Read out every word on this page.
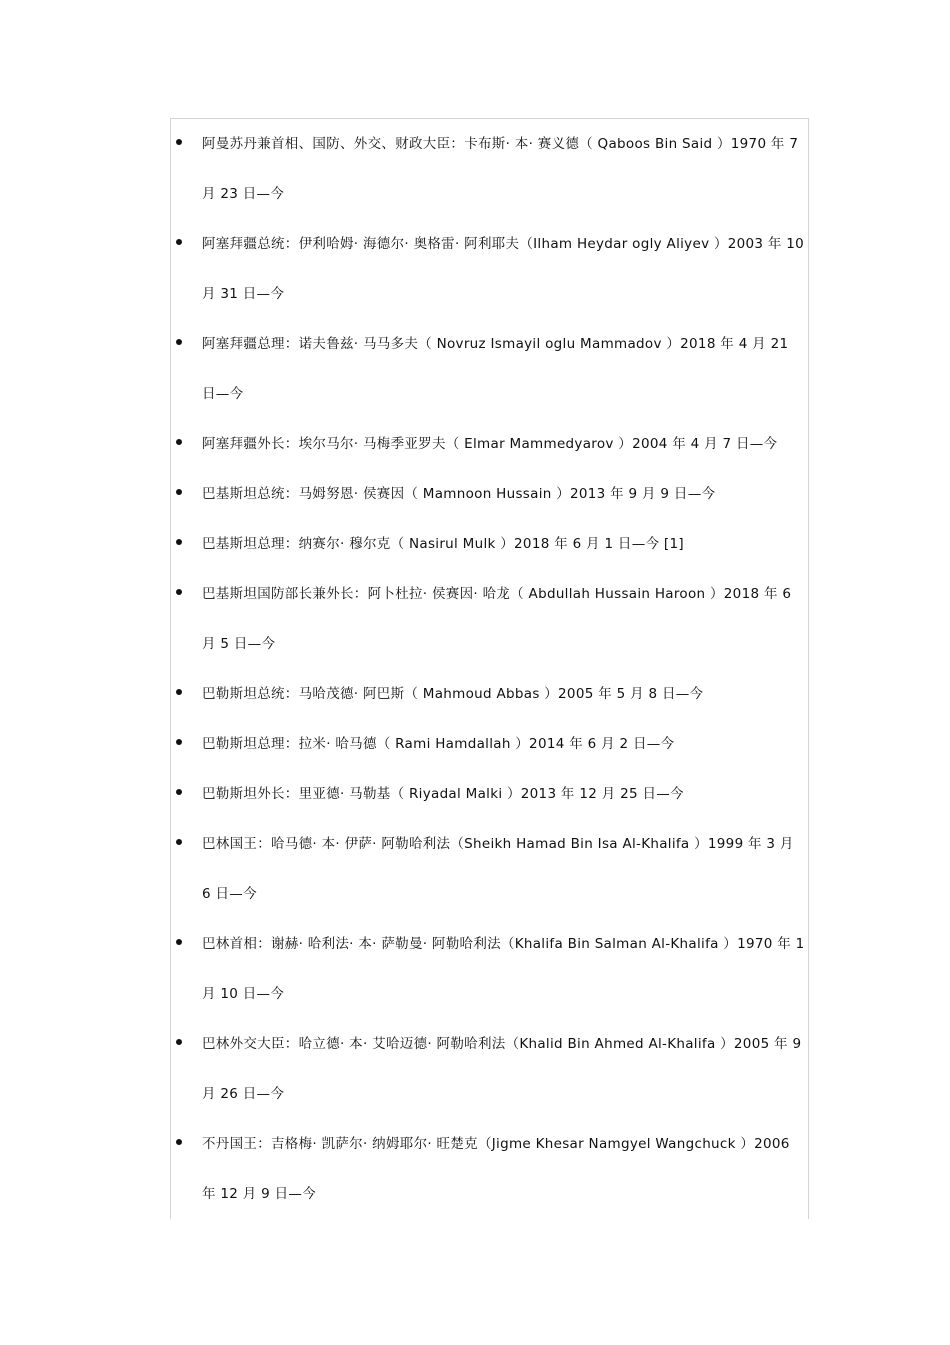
阿曼苏丹兼首相、国防、外交、财政大臣：卡布斯· 本· 赛义德（ Qaboos Bin Said ）1970 年 7 月 23 日—今
阿塞拜疆总统：伊利哈姆· 海德尔· 奥格雷· 阿利耶夫（Ilham Heydar ogly Aliyev ）2003 年 10 月 31 日—今
阿塞拜疆总理：诺夫鲁兹· 马马多夫（ Novruz Ismayil oglu Mammadov ）2018 年 4 月 21 日—今
阿塞拜疆外长：埃尔马尔· 马梅季亚罗夫（ Elmar Mammedyarov ）2004 年 4 月 7 日—今
巴基斯坦总统：马姆努恩· 侯赛因（ Mamnoon Hussain ）2013 年 9 月 9 日—今
巴基斯坦总理：纳赛尔· 穆尔克（ Nasirul Mulk ）2018 年 6 月 1 日—今 [1]
巴基斯坦国防部长兼外长：阿卜杜拉· 侯赛因· 哈龙（ Abdullah Hussain Haroon ）2018 年 6 月 5 日—今
巴勒斯坦总统：马哈茂德· 阿巴斯（ Mahmoud Abbas ）2005 年 5 月 8 日—今
巴勒斯坦总理：拉米· 哈马德（ Rami Hamdallah ）2014 年 6 月 2 日—今
巴勒斯坦外长：里亚德· 马勒基（ Riyadal Malki ）2013 年 12 月 25 日—今
巴林国王：哈马德· 本· 伊萨· 阿勒哈利法（Sheikh Hamad Bin Isa Al-Khalifa ）1999 年 3 月 6 日—今
巴林首相：谢赫· 哈利法· 本· 萨勒曼· 阿勒哈利法（Khalifa Bin Salman Al-Khalifa ）1970 年 1 月 10 日—今
巴林外交大臣：哈立德· 本· 艾哈迈德· 阿勒哈利法（Khalid Bin Ahmed Al-Khalifa ）2005 年 9 月 26 日—今
不丹国王：吉格梅· 凯萨尔· 纳姆耶尔· 旺楚克（Jigme Khesar Namgyel Wangchuck ）2006 年 12 月 9 日—今
